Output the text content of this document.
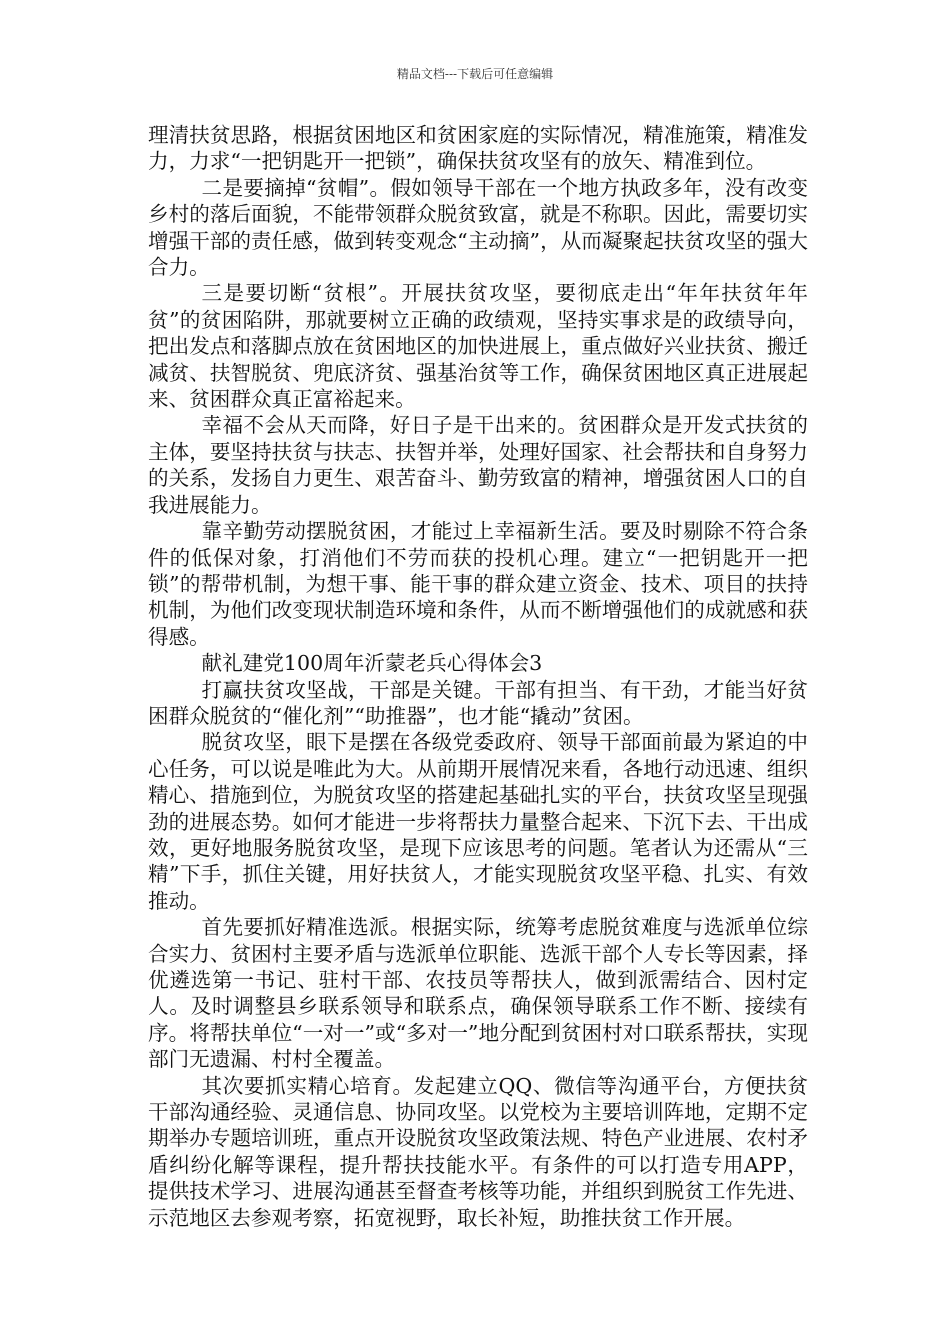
精品文档---下载后可任意编辑

理清扶贫思路，根据贫困地区和贫困家庭的实际情况，精准施策，精准发力，力求“一把钥匙开一把锁”，确保扶贫攻坚有的放矢、精准到位。

二是要摘掉“贫帽”。假如领导干部在一个地方执政多年，没有改变乡村的落后面貌，不能带领群众脱贫致富，就是不称职。因此，需要切实增强干部的责任感，做到转变观念“主动摘”，从而凝聚起扶贫攻坚的强大合力。

三是要切断“贫根”。开展扶贫攻坚，要彻底走出“年年扶贫年年贫”的贫困陷阱，那就要树立正确的政绩观，坚持实事求是的政绩导向，把出发点和落脚点放在贫困地区的加快进展上，重点做好兴业扶贫、搬迁减贫、扶智脱贫、兜底济贫、强基治贫等工作，确保贫困地区真正进展起来、贫困群众真正富裕起来。

幸福不会从天而降，好日子是干出来的。贫困群众是开发式扶贫的主体，要坚持扶贫与扶志、扶智并举，处理好国家、社会帮扶和自身努力的关系，发扬自力更生、艰苦奋斗、勤劳致富的精神，增强贫困人口的自我进展能力。

靠辛勤劳动摆脱贫困，才能过上幸福新生活。要及时剔除不符合条件的低保对象，打消他们不劳而获的投机心理。建立“一把钥匙开一把锁”的帮带机制，为想干事、能干事的群众建立资金、技术、项目的扶持机制，为他们改变现状制造环境和条件，从而不断增强他们的成就感和获得感。

献礼建党100周年沂蒙老兵心得体会3

打赢扶贫攻坚战，干部是关键。干部有担当、有干劲，才能当好贫困群众脱贫的“催化剂”“助推器”，也才能“撬动”贫困。

脱贫攻坚，眼下是摆在各级党委政府、领导干部面前最为紧迫的中心任务，可以说是唯此为大。从前期开展情况来看，各地行动迅速、组织精心、措施到位，为脱贫攻坚的搭建起基础扎实的平台，扶贫攻坚呈现强劲的进展态势。如何才能进一步将帮扶力量整合起来、下沉下去、干出成效，更好地服务脱贫攻坚，是现下应该思考的问题。笔者认为还需从“三精”下手，抓住关键，用好扶贫人，才能实现脱贫攻坚平稳、扎实、有效推动。

首先要抓好精准选派。根据实际，统筹考虑脱贫难度与选派单位综合实力、贫困村主要矛盾与选派单位职能、选派干部个人专长等因素，择优遴选第一书记、驻村干部、农技员等帮扶人，做到派需结合、因村定人。及时调整县乡联系领导和联系点，确保领导联系工作不断、接续有序。将帮扶单位“一对一”或“多对一”地分配到贫困村对口联系帮扶，实现部门无遗漏、村村全覆盖。

其次要抓实精心培育。发起建立QQ、微信等沟通平台，方便扶贫干部沟通经验、灵通信息、协同攻坚。以党校为主要培训阵地，定期不定期举办专题培训班，重点开设脱贫攻坚政策法规、特色产业进展、农村矛盾纠纷化解等课程，提升帮扶技能水平。有条件的可以打造专用APP，提供技术学习、进展沟通甚至督查考核等功能，并组织到脱贫工作先进、示范地区去参观考察，拓宽视野，取长补短，助推扶贫工作开展。
